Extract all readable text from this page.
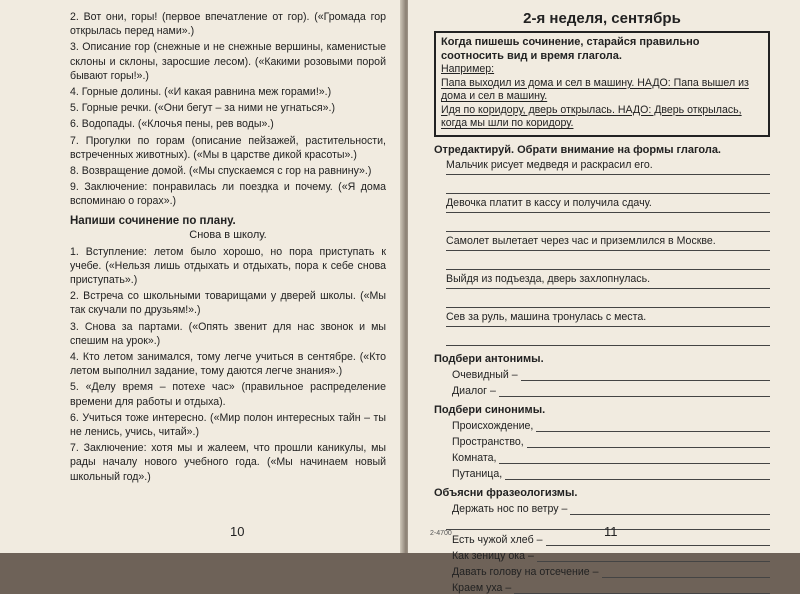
2. Вот они, горы! (первое впечатление от гор). («Громада гор открылась перед нами».)

3. Описание гор (снежные и не снежные вершины, каменистые склоны и склоны, заросшие лесом). («Какими розовыми порой бывают горы!».)

4. Горные долины. («И какая равнина меж горами!».)

5. Горные речки. («Они бегут – за ними не угнаться».)

6. Водопады. («Клочья пены, рев воды».)

7. Прогулки по горам (описание пейзажей, растительности, встреченных животных). («Мы в царстве дикой красоты».)

8. Возвращение домой. («Мы спускаемся с гор на равнину».)

9. Заключение: понравилась ли поездка и почему. («Я дома вспоминаю о горах».)

Напиши сочинение по плану.

Снова в школу.

1. Вступление: летом было хорошо, но пора приступать к учебе. («Нельзя лишь отдыхать и отдыхать, пора к себе снова приступать».)

2. Встреча со школьными товарищами у дверей школы. («Мы так скучали по друзьям!».)

3. Снова за партами. («Опять звенит для нас звонок и мы спешим на урок».)

4. Кто летом занимался, тому легче учиться в сентябре. («Кто летом выполнил задание, тому даются легче знания».)

5. «Делу время – потехе час» (правильное распределение времени для работы и отдыха).

6. Учиться тоже интересно. («Мир полон интересных тайн – ты не ленись, учись, читай».)

7. Заключение: хотя мы и жалеем, что прошли каникулы, мы рады началу нового учебного года. («Мы начинаем новый школьный год».)

10
2-я неделя, сентябрь

Когда пишешь сочинение, старайся правильно соотносить вид и время глагола.

Например:

Папа выходил из дома и сел в машину. НАДО: Папа вышел из дома и сел в машину.

Идя по коридору, дверь открылась. НАДО: Дверь открылась, когда мы шли по коридору.

Отредактируй. Обрати внимание на формы глагола.

Мальчик рисует медведя и раскрасил его.
Девочка платит в кассу и получила сдачу.
Самолет вылетает через час и приземлился в Москве.
Выйдя из подъезда, дверь захлопнулась.
Сев за руль, машина тронулась с места.

Подбери антонимы.

Очевидный –
Диалог –

Подбери синонимы.

Происхождение,
Пространство,
Комната,
Путаница,

Объясни фразеологизмы.

Держать нос по ветру –
Есть чужой хлеб –
Как зеницу ока –
Давать голову на отсечение –
Краем уха –
2-4700	11
